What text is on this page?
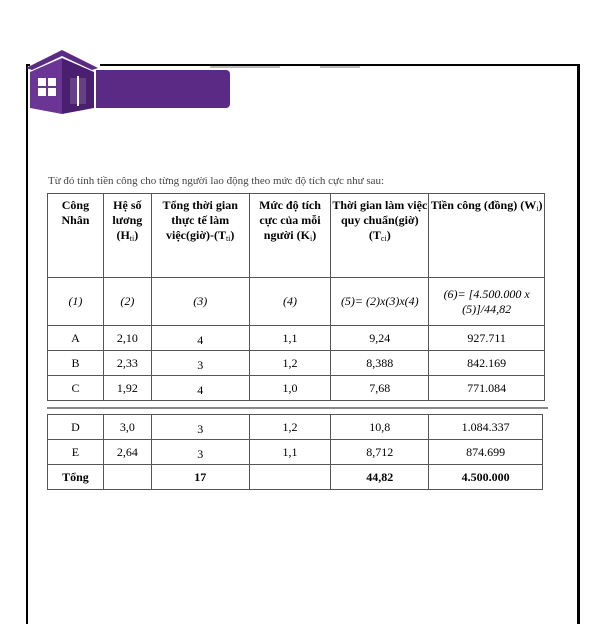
Vietbaocaothue24h
CHẤT LƯỢNG - UY TÍN - BẢO MẬT
Từ đó tính tiền công cho từng người lao động theo mức độ tích cực như sau:
Công Nhân	Hệ số lương $(H_{ti})$	Tổng thời gian thực tế làm $việc(giờ)-(T_{ti})$	Mức độ tích cực của mỗi người $(K_i)$	Thời gian làm việc quy chuẩn(giờ) $(T_{ci})$	Tiền công (đồng) $(W_i)$
(1)	(2)	(3)	(4)	(5)= (2)x(3)x(4)	(6)= [4.500.000 x (5)]/44,82
A	2,10	4	1,1	9,24	927.711
B	2,33	3	1,2	8,388	842.169
C	1,92	4	1,0	7,68	771.084
D	3,0	3	1,2	10,8	1.084.337
E	2,64	3	1,1	8,712	874.699
Tổng		17		44,82	4.500.000
